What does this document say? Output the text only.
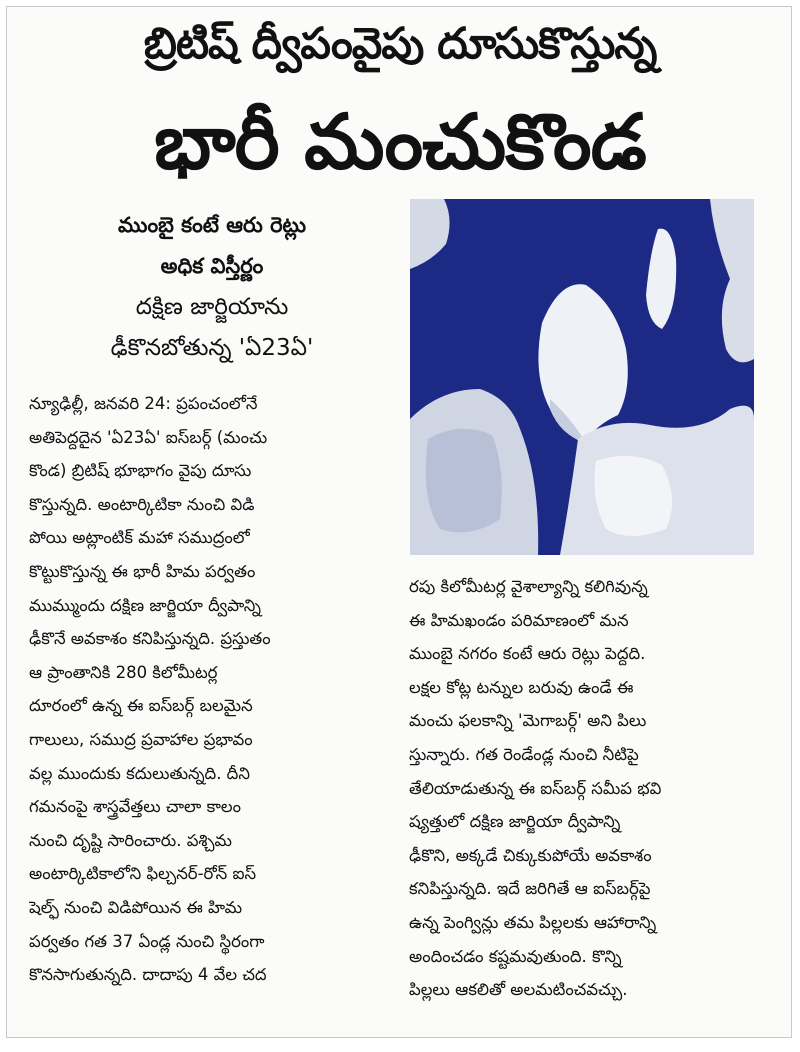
బ్రిటిష్ ద్వీపంవైపు దూసుకొస్తున్న
భారీ మంచుకొండ
ముంబై కంటే ఆరు రెట్లు
అధిక విస్తీర్ణం
దక్షిణ జార్జియాను
ఢీకొనబోతున్న 'ఏ23ఏ'
న్యూఢిల్లీ, జనవరి 24: ప్రపంచంలోనే
అతిపెద్దదైన 'ఏ23ఏ' ఐస్‌బర్గ్ (మంచు
కొండ) బ్రిటిష్ భూభాగం వైపు దూసు
కొస్తున్నది. అంటార్కిటికా నుంచి విడి
పోయి అట్లాంటిక్ మహా సముద్రంలో
కొట్టుకొస్తున్న ఈ భారీ హిమ పర్వతం
ముమ్ముందు దక్షిణ జార్జియా ద్వీపాన్ని
ఢీకొనే అవకాశం కనిపిస్తున్నది. ప్రస్తుతం
ఆ ప్రాంతానికి 280 కిలోమీటర్ల
దూరంలో ఉన్న ఈ ఐస్‌బర్గ్ బలమైన
గాలులు, సముద్ర ప్రవాహాల ప్రభావం
వల్ల ముందుకు కదులుతున్నది. దీని
గమనంపై శాస్త్రవేత్తలు చాలా కాలం
నుంచి దృష్టి సారించారు. పశ్చిమ
అంటార్కిటికాలోని ఫిల్చనర్-రోన్ ఐస్
షెల్ఫ్ నుంచి విడిపోయిన ఈ హిమ
పర్వతం గత 37 ఏండ్ల నుంచి స్థిరంగా
కొనసాగుతున్నది. దాదాపు 4 వేల చద
రపు కిలోమీటర్ల వైశాల్యాన్ని కలిగివున్న
ఈ హిమఖండం పరిమాణంలో మన
ముంబై నగరం కంటే ఆరు రెట్లు పెద్దది.
లక్షల కోట్ల టన్నుల బరువు ఉండే ఈ
మంచు ఫలకాన్ని 'మెగాబర్గ్' అని పిలు
స్తున్నారు. గత రెండేండ్ల నుంచి నీటిపై
తేలియాడుతున్న ఈ ఐస్‌బర్గ్ సమీప భవి
ష్యత్తులో దక్షిణ జార్జియా ద్వీపాన్ని
ఢీకొని, అక్కడే చిక్కుకుపోయే అవకాశం
కనిపిస్తున్నది. ఇదే జరిగితే ఆ ఐస్‌బర్గ్‌పై
ఉన్న పెంగ్విన్లు తమ పిల్లలకు ఆహారాన్ని
అందించడం కష్టమవుతుంది. కొన్ని
పిల్లలు ఆకలితో అలమటించవచ్చు.
